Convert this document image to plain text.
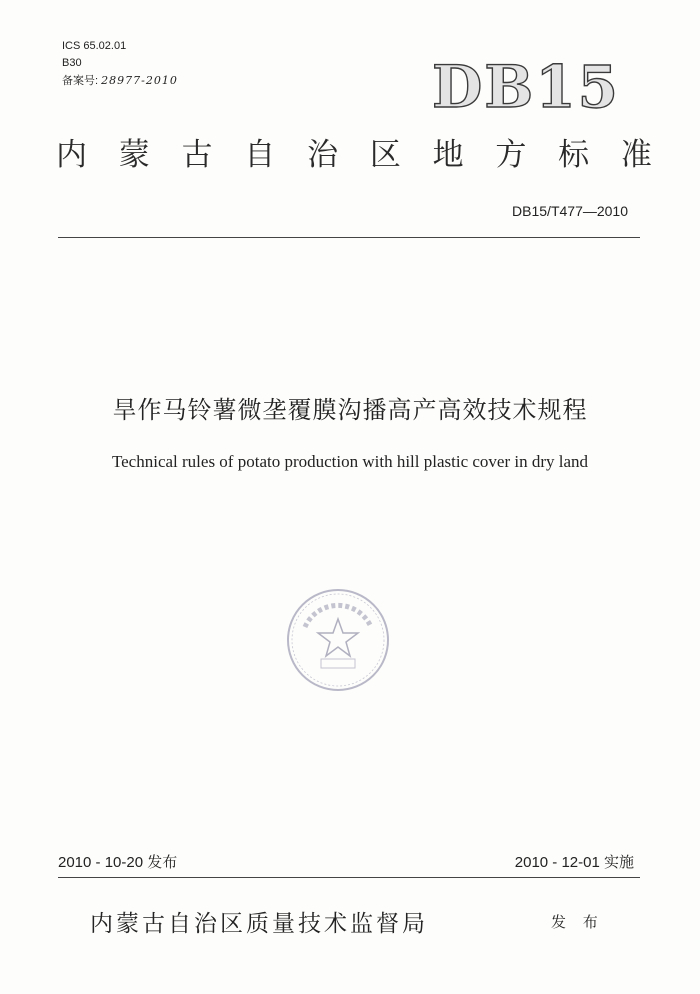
ICS 65.02.01
B30
备案号: 28977-2010	DB15
内 蒙 古 自 治 区 地 方 标 准
DB15/T477—2010
旱作马铃薯微垄覆膜沟播高产高效技术规程
Technical rules of potato production with hill plastic cover in dry land
2010 - 10-20 发布	2010 - 12-01 实施
内蒙古自治区质量技术监督局	发 布
